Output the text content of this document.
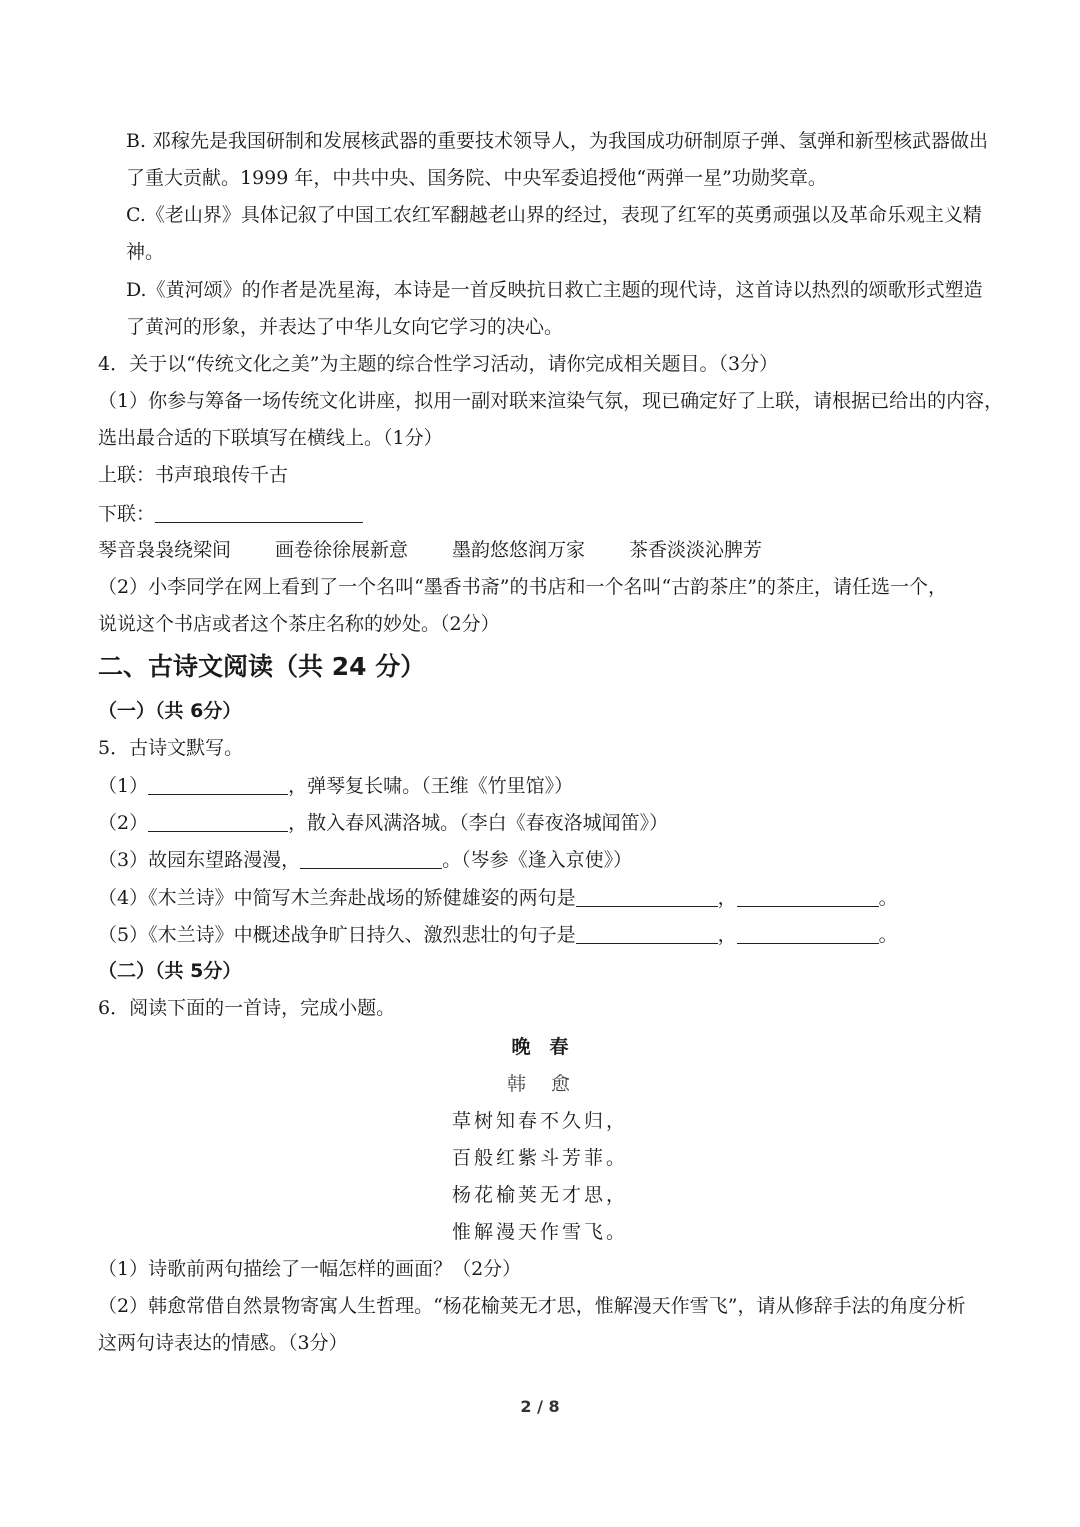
B. 邓稼先是我国研制和发展核武器的重要技术领导人，为我国成功研制原子弹、氢弹和新型核武器做出
了重大贡献。1999 年，中共中央、国务院、中央军委追授他“两弹一星”功勋奖章。
C.《老山界》具体记叙了中国工农红军翻越老山界的经过，表现了红军的英勇顽强以及革命乐观主义精
神。
D.《黄河颂》的作者是冼星海，本诗是一首反映抗日救亡主题的现代诗，这首诗以热烈的颂歌形式塑造
了黄河的形象，并表达了中华儿女向它学习的决心。
4．关于以“传统文化之美”为主题的综合性学习活动，请你完成相关题目。（3分）
（1）你参与筹备一场传统文化讲座，拟用一副对联来渲染气氛，现已确定好了上联，请根据已给出的内容，
选出最合适的下联填写在横线上。（1分）
上联：书声琅琅传千古
下联：
琴音袅袅绕梁间 画卷徐徐展新意 墨韵悠悠润万家 茶香淡淡沁脾芳
（2）小李同学在网上看到了一个名叫“墨香书斋”的书店和一个名叫“古韵茶庄”的茶庄，请任选一个，
说说这个书店或者这个茶庄名称的妙处。（2分）
二、古诗文阅读（共 24 分）
（一）（共 6分）
5．古诗文默写。
（1）	，弹琴复长啸。（王维《竹里馆》）
（2）	，散入春风满洛城。（李白《春夜洛城闻笛》）
（3）故园东望路漫漫，	。（岑参《逢入京使》）
（4）《木兰诗》中简写木兰奔赴战场的矫健雄姿的两句是	，	。
（5）《木兰诗》中概述战争旷日持久、激烈悲壮的句子是	，	。
（二）（共 5分）
6．阅读下面的一首诗，完成小题。
晚　春
韩　愈
草树知春不久归，
百般红紫斗芳菲。
杨花榆荚无才思，
惟解漫天作雪飞。
（1）诗歌前两句描绘了一幅怎样的画面？（2分）
（2）韩愈常借自然景物寄寓人生哲理。“杨花榆荚无才思，惟解漫天作雪飞”，请从修辞手法的角度分析
这两句诗表达的情感。（3分）
2 / 8
